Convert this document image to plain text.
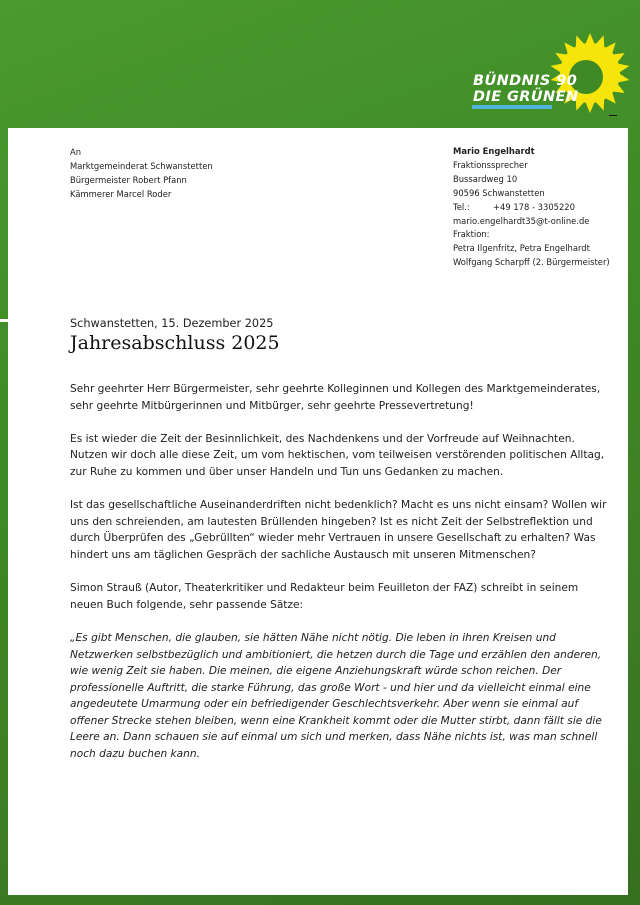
BÜNDNIS 90
DIE GRÜNEN
An
Marktgemeinderat Schwanstetten
Bürgermeister Robert Pfann
Kämmerer Marcel Roder
Mario Engelhardt
Fraktionssprecher
Bussardweg 10
90596 Schwanstetten
Tel.:	+49 178 - 3305220
mario.engelhardt35@t-online.de
Fraktion:
Petra Ilgenfritz, Petra Engelhardt
Wolfgang Scharpff (2. Bürgermeister)
Schwanstetten, 15. Dezember 2025
Jahresabschluss 2025

Sehr geehrter Herr Bürgermeister, sehr geehrte Kolleginnen und Kollegen des Marktgemeinderates, sehr geehrte Mitbürgerinnen und Mitbürger, sehr geehrte Pressevertretung!

Es ist wieder die Zeit der Besinnlichkeit, des Nachdenkens und der Vorfreude auf Weihnachten. Nutzen wir doch alle diese Zeit, um vom hektischen, vom teilweisen verstörenden politischen Alltag, zur Ruhe zu kommen und über unser Handeln und Tun uns Gedanken zu machen.

Ist das gesellschaftliche Auseinanderdriften nicht bedenklich? Macht es uns nicht einsam? Wollen wir uns den schreienden, am lautesten Brüllenden hingeben? Ist es nicht Zeit der Selbstreflektion und durch Überprüfen des „Gebrüllten“ wieder mehr Vertrauen in unsere Gesellschaft zu erhalten? Was hindert uns am täglichen Gespräch der sachliche Austausch mit unseren Mitmenschen?

Simon Strauß (Autor, Theaterkritiker und Redakteur beim Feuilleton der FAZ) schreibt in seinem neuen Buch folgende, sehr passende Sätze:

„Es gibt Menschen, die glauben, sie hätten Nähe nicht nötig. Die leben in ihren Kreisen und Netzwerken selbstbezüglich und ambitioniert, die hetzen durch die Tage und erzählen den anderen, wie wenig Zeit sie haben. Die meinen, die eigene Anziehungskraft würde schon reichen. Der professionelle Auftritt, die starke Führung, das große Wort - und hier und da vielleicht einmal eine angedeutete Umarmung oder ein befriedigender Geschlechtsverkehr. Aber wenn sie einmal auf offener Strecke stehen bleiben, wenn eine Krankheit kommt oder die Mutter stirbt, dann fällt sie die Leere an. Dann schauen sie auf einmal um sich und merken, dass Nähe nichts ist, was man schnell noch dazu buchen kann.
